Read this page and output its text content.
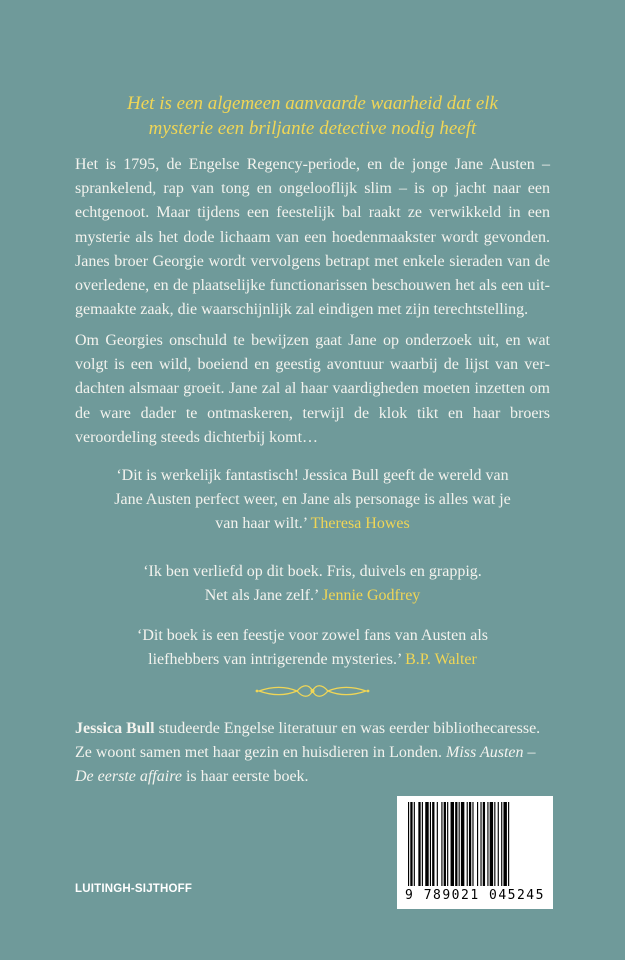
Het is een algemeen aanvaarde waarheid dat elk
mysterie een briljante detective nodig heeft
Het is 1795, de Engelse Regency-periode, en de jonge Jane Austen – sprankelend, rap van tong en ongelooflijk slim – is op jacht naar een echtgenoot. Maar tijdens een feestelijk bal raakt ze verwikkeld in een mysterie als het dode lichaam van een hoedenmaakster wordt gevonden. Janes broer Georgie wordt vervolgens betrapt met enkele sieraden van de overledene, en de plaatselijke functionarissen beschouwen het als een uitgemaakte zaak, die waarschijnlijk zal eindigen met zijn terechtstelling.
Om Georgies onschuld te bewijzen gaat Jane op onderzoek uit, en wat volgt is een wild, boeiend en geestig avontuur waarbij de lijst van verdachten alsmaar groeit. Jane zal al haar vaardigheden moeten inzetten om de ware dader te ontmaskeren, terwijl de klok tikt en haar broers veroordeling steeds dichterbij komt…
‘Dit is werkelijk fantastisch! Jessica Bull geeft de wereld van
Jane Austen perfect weer, en Jane als personage is alles wat je
van haar wilt.’ Theresa Howes
‘Ik ben verliefd op dit boek. Fris, duivels en grappig.
Net als Jane zelf.’ Jennie Godfrey
‘Dit boek is een feestje voor zowel fans van Austen als
liefhebbers van intrigerende mysteries.’ B.P. Walter
Jessica Bull studeerde Engelse literatuur en was eerder bibliothecaresse. Ze woont samen met haar gezin en huisdieren in Londen. Miss Austen – De eerste affaire is haar eerste boek.
LUITINGH-SIJTHOFF	9 789021 045245
